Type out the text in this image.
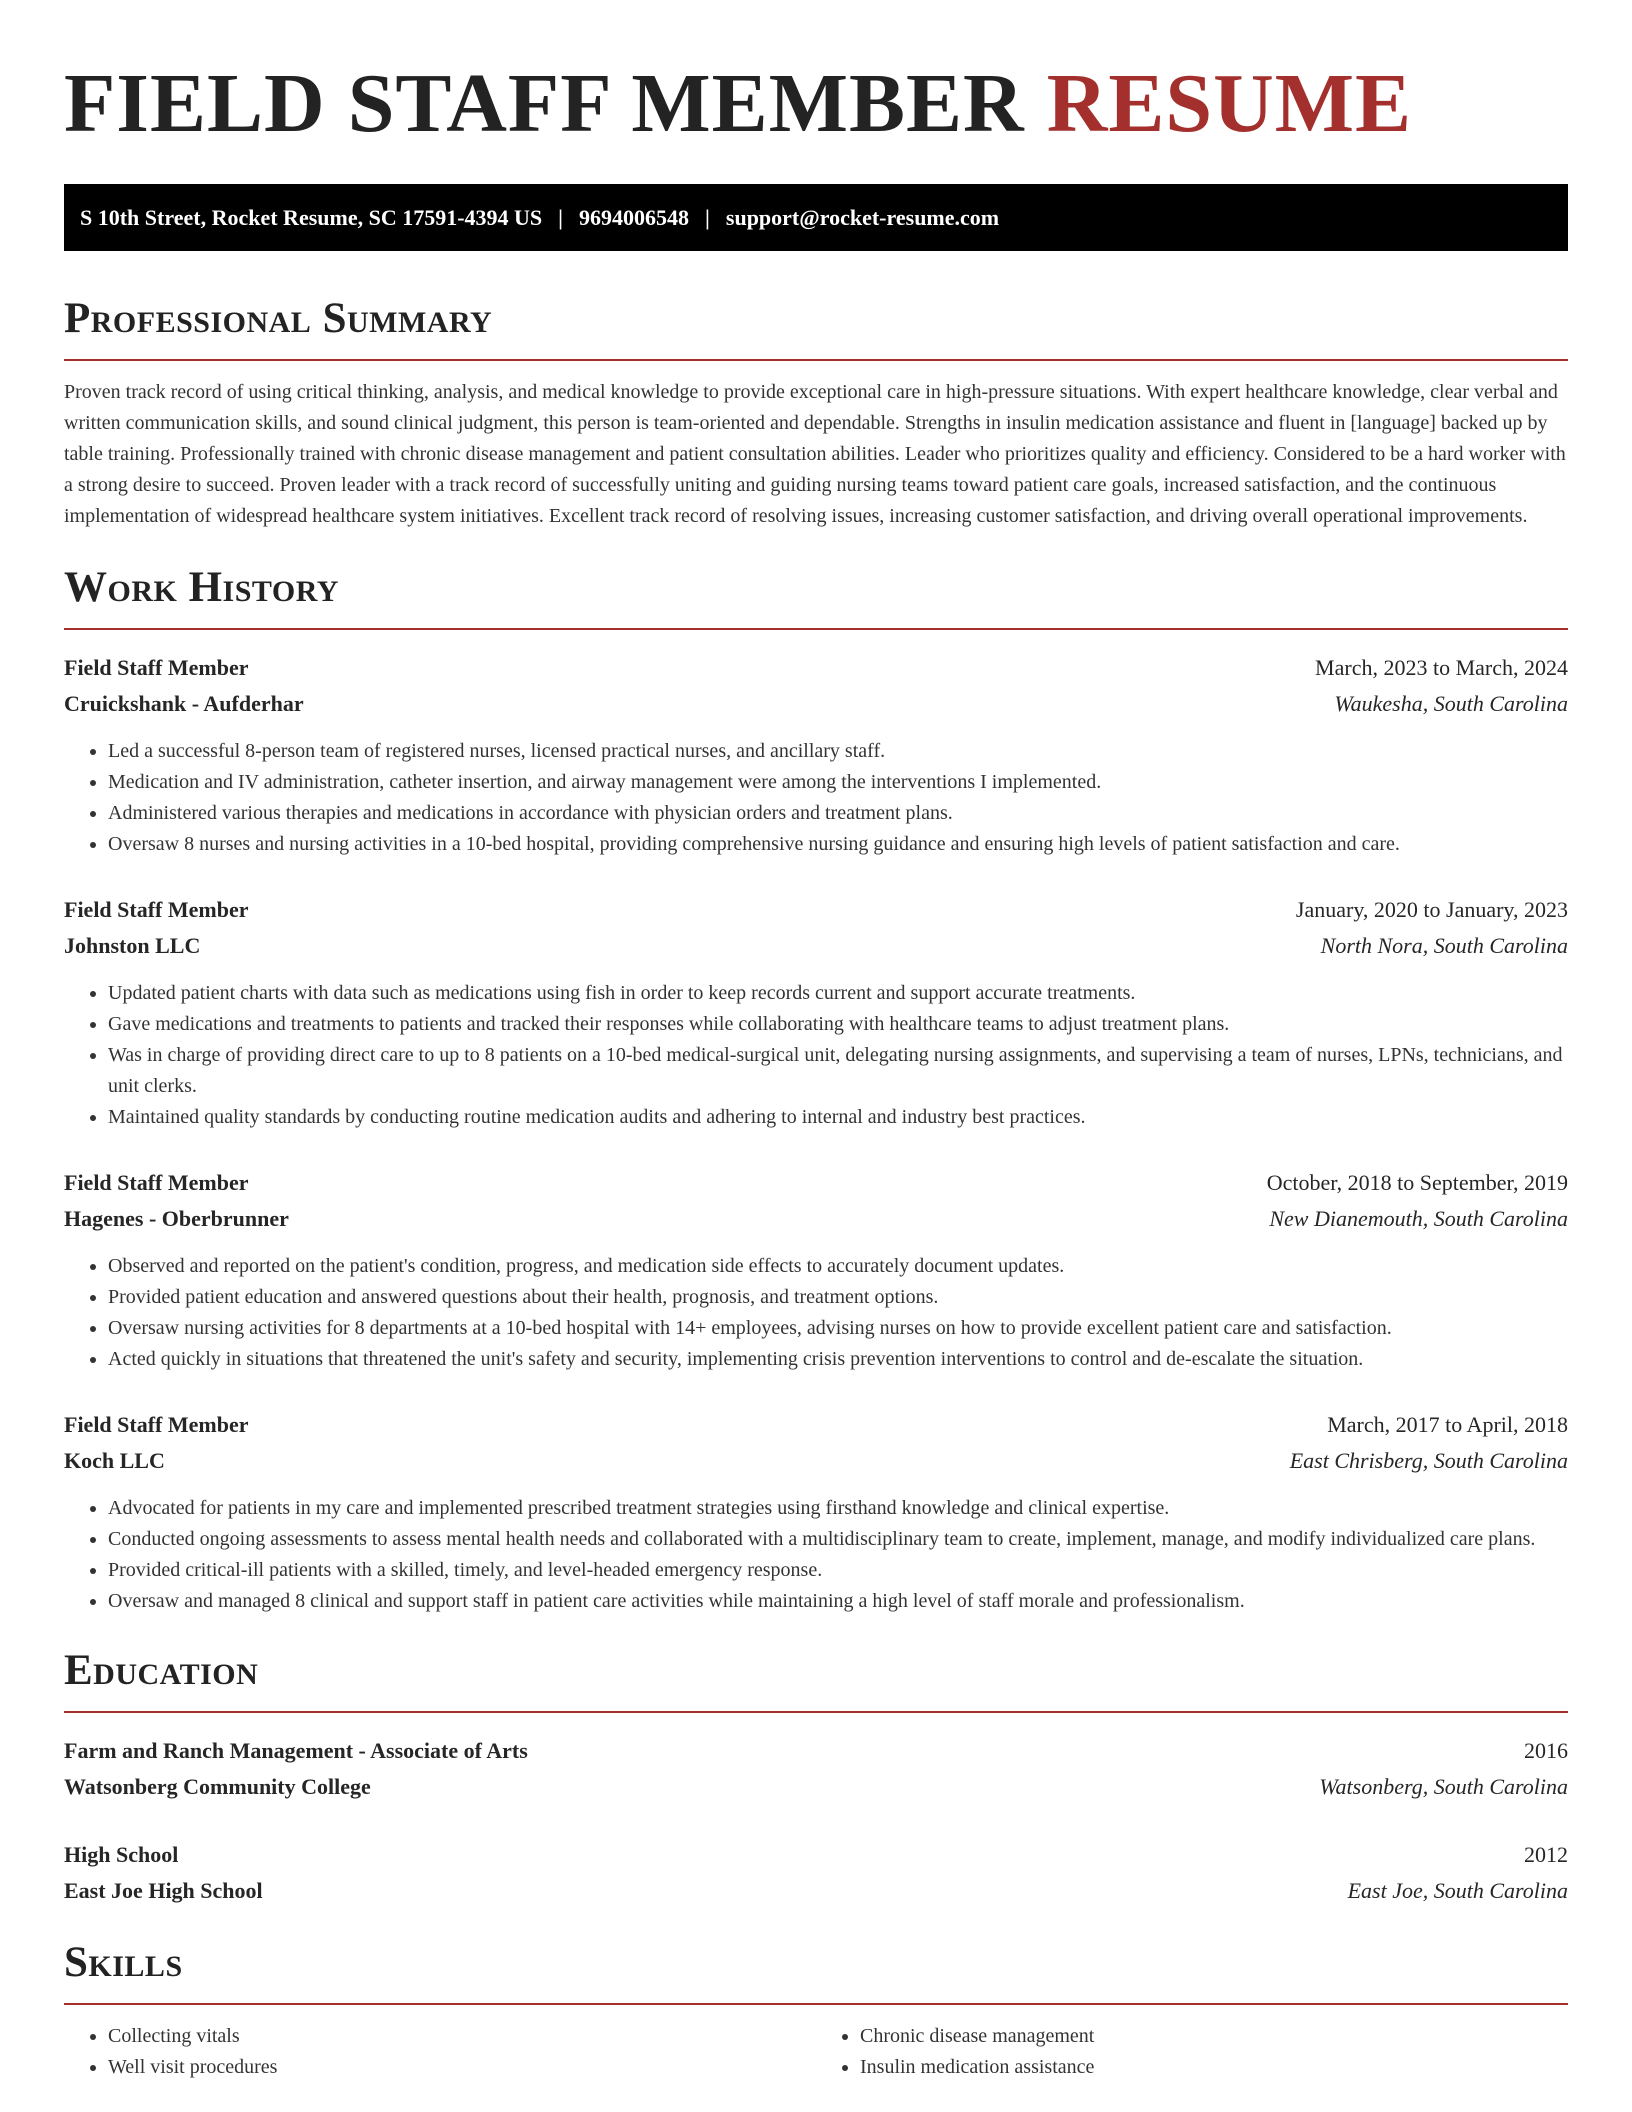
FIELD STAFF MEMBER RESUME
S 10th Street, Rocket Resume, SC 17591-4394 US | 9694006548 | support@rocket-resume.com
Professional Summary

Proven track record of using critical thinking, analysis, and medical knowledge to provide exceptional care in high-pressure situations. With expert healthcare knowledge, clear verbal and written communication skills, and sound clinical judgment, this person is team-oriented and dependable. Strengths in insulin medication assistance and fluent in [language] backed up by table training. Professionally trained with chronic disease management and patient consultation abilities. Leader who prioritizes quality and efficiency. Considered to be a hard worker with a strong desire to succeed. Proven leader with a track record of successfully uniting and guiding nursing teams toward patient care goals, increased satisfaction, and the continuous implementation of widespread healthcare system initiatives. Excellent track record of resolving issues, increasing customer satisfaction, and driving overall operational improvements.

Work History
Field Staff Member	March, 2023 to March, 2024
Cruickshank - Aufderhar	Waukesha, South Carolina
• Led a successful 8-person team of registered nurses, licensed practical nurses, and ancillary staff.
• Medication and IV administration, catheter insertion, and airway management were among the interventions I implemented.
• Administered various therapies and medications in accordance with physician orders and treatment plans.
• Oversaw 8 nurses and nursing activities in a 10-bed hospital, providing comprehensive nursing guidance and ensuring high levels of patient satisfaction and care.
Field Staff Member	January, 2020 to January, 2023
Johnston LLC	North Nora, South Carolina
• Updated patient charts with data such as medications using fish in order to keep records current and support accurate treatments.
• Gave medications and treatments to patients and tracked their responses while collaborating with healthcare teams to adjust treatment plans.
• Was in charge of providing direct care to up to 8 patients on a 10-bed medical-surgical unit, delegating nursing assignments, and supervising a team of nurses, LPNs, technicians, and unit clerks.
• Maintained quality standards by conducting routine medication audits and adhering to internal and industry best practices.
Field Staff Member	October, 2018 to September, 2019
Hagenes - Oberbrunner	New Dianemouth, South Carolina
• Observed and reported on the patient's condition, progress, and medication side effects to accurately document updates.
• Provided patient education and answered questions about their health, prognosis, and treatment options.
• Oversaw nursing activities for 8 departments at a 10-bed hospital with 14+ employees, advising nurses on how to provide excellent patient care and satisfaction.
• Acted quickly in situations that threatened the unit's safety and security, implementing crisis prevention interventions to control and de-escalate the situation.
Field Staff Member	March, 2017 to April, 2018
Koch LLC	East Chrisberg, South Carolina
• Advocated for patients in my care and implemented prescribed treatment strategies using firsthand knowledge and clinical expertise.
• Conducted ongoing assessments to assess mental health needs and collaborated with a multidisciplinary team to create, implement, manage, and modify individualized care plans.
• Provided critical-ill patients with a skilled, timely, and level-headed emergency response.
• Oversaw and managed 8 clinical and support staff in patient care activities while maintaining a high level of staff morale and professionalism.
Education
Farm and Ranch Management - Associate of Arts	2016
Watsonberg Community College	Watsonberg, South Carolina
High School	2012
East Joe High School	East Joe, South Carolina
Skills
• Collecting vitals
• Well visit procedures
• Chronic disease management
• Insulin medication assistance
